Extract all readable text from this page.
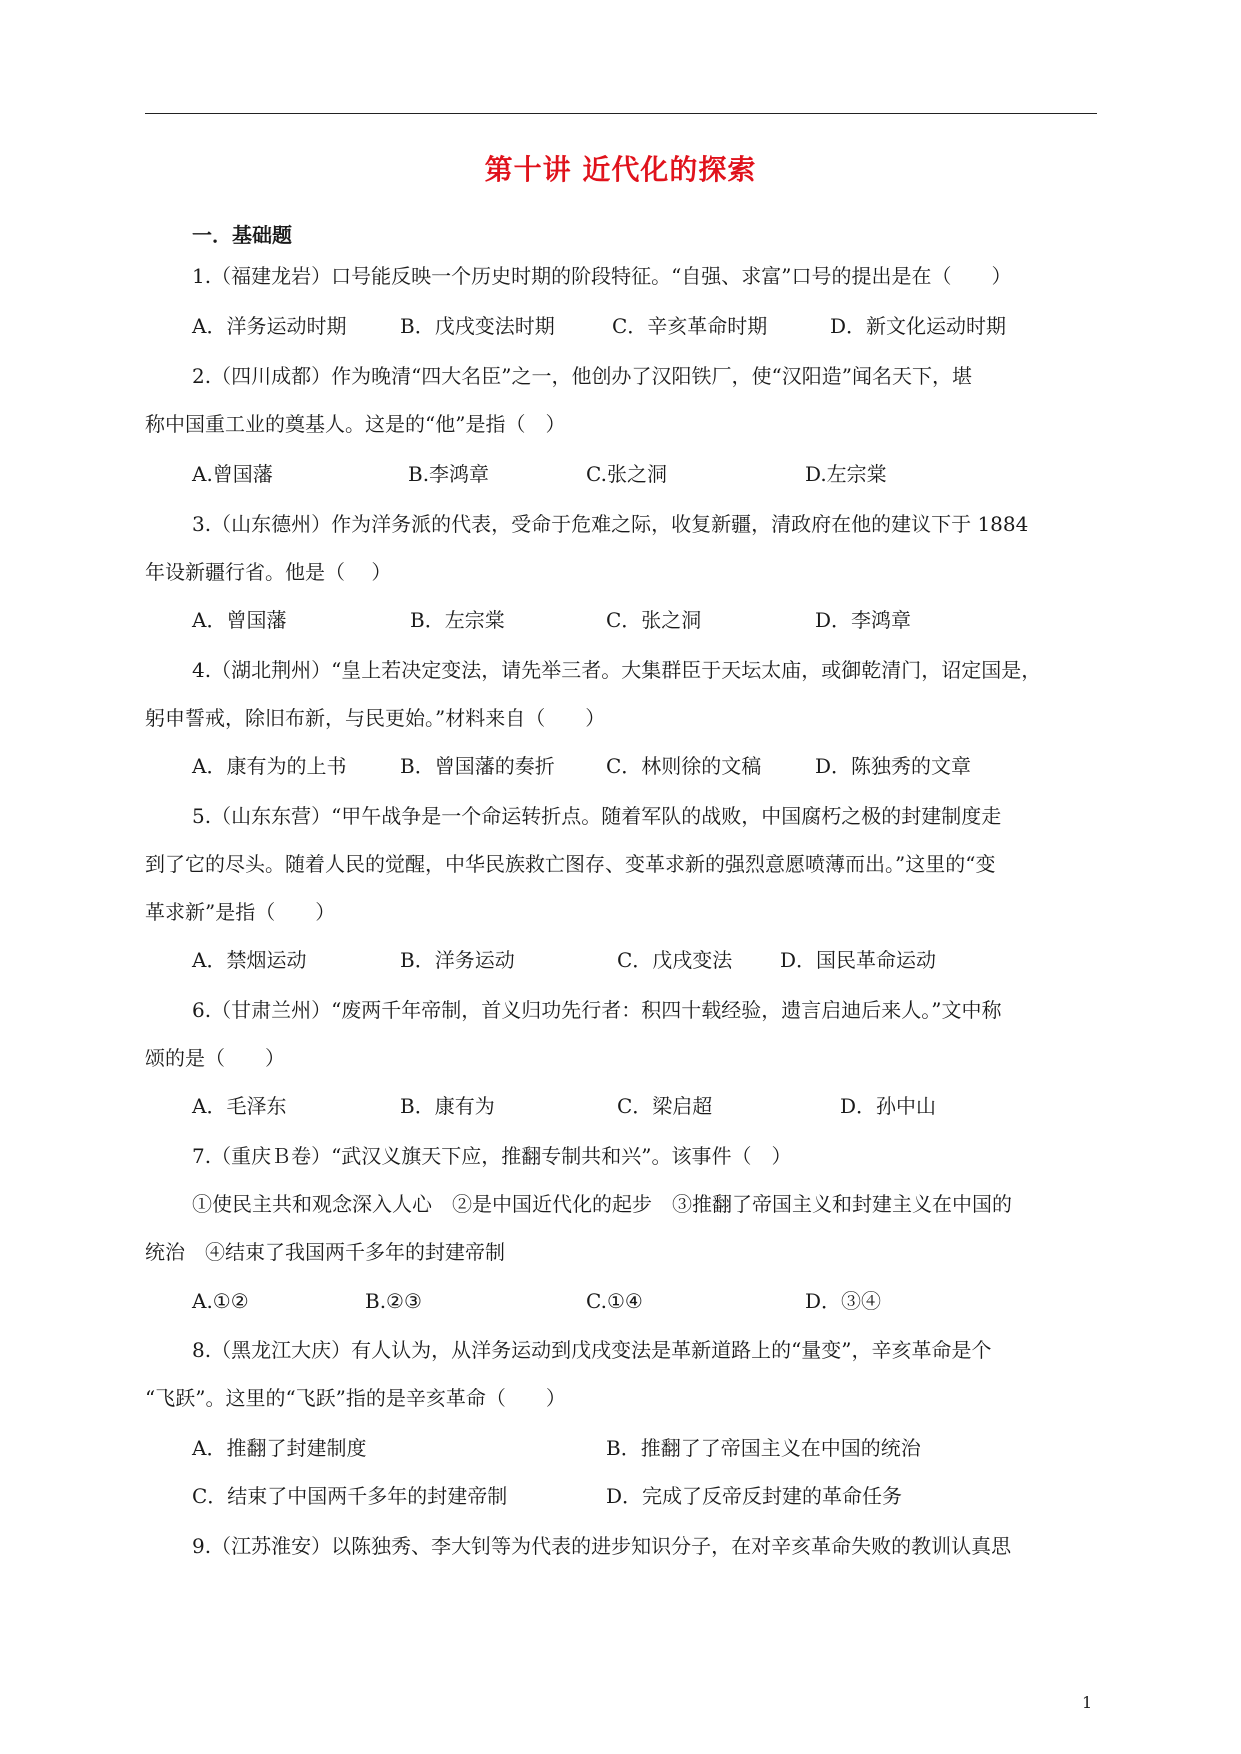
第十讲 近代化的探索
一．基础题
1.（福建龙岩）口号能反映一个历史时期的阶段特征。“自强、求富”口号的提出是在（　　）
A．洋务运动时期	B．戊戌变法时期	C．辛亥革命时期	D．新文化运动时期
2.（四川成都）作为晚清“四大名臣”之一，他创办了汉阳铁厂，使“汉阳造”闻名天下，堪
称中国重工业的奠基人。这是的“他”是指（　）
A.曾国藩	B.李鸿章	C.张之洞	D.左宗棠
3.（山东德州）作为洋务派的代表，受命于危难之际，收复新疆，清政府在他的建议下于 1884
年设新疆行省。他是（　 ）
A．曾国藩	B．左宗棠	C．张之洞	D．李鸿章
4.（湖北荆州）“皇上若决定变法，请先举三者。大集群臣于天坛太庙，或御乾清门，诏定国是，
躬申誓戒，除旧布新，与民更始。”材料来自（　　）
A．康有为的上书	B．曾国藩的奏折	C．林则徐的文稿	D．陈独秀的文章
5.（山东东营）“甲午战争是一个命运转折点。随着军队的战败，中国腐朽之极的封建制度走
到了它的尽头。随着人民的觉醒，中华民族救亡图存、变革求新的强烈意愿喷薄而出。”这里的“变
革求新”是指（　　）
A．禁烟运动	B．洋务运动	C．戊戌变法 D．国民革命运动
6.（甘肃兰州）“废两千年帝制，首义归功先行者：积四十载经验，遗言启迪后来人。”文中称
颂的是（　　）
A．毛泽东	B．康有为	C．梁启超	D．孙中山
7.（重庆Ｂ卷）“武汉义旗天下应，推翻专制共和兴”。该事件（　）
①使民主共和观念深入人心　②是中国近代化的起步　③推翻了帝国主义和封建主义在中国的
统治　④结束了我国两千多年的封建帝制
A.①②	B.②③	C.①④	D．③④
8.（黑龙江大庆）有人认为，从洋务运动到戊戌变法是革新道路上的“量变”，辛亥革命是个
“飞跃”。这里的“飞跃”指的是辛亥革命（　　）
A．推翻了封建制度	B．推翻了了帝国主义在中国的统治
C．结束了中国两千多年的封建帝制	D．完成了反帝反封建的革命任务
9.（江苏淮安）以陈独秀、李大钊等为代表的进步知识分子，在对辛亥革命失败的教训认真思
1
